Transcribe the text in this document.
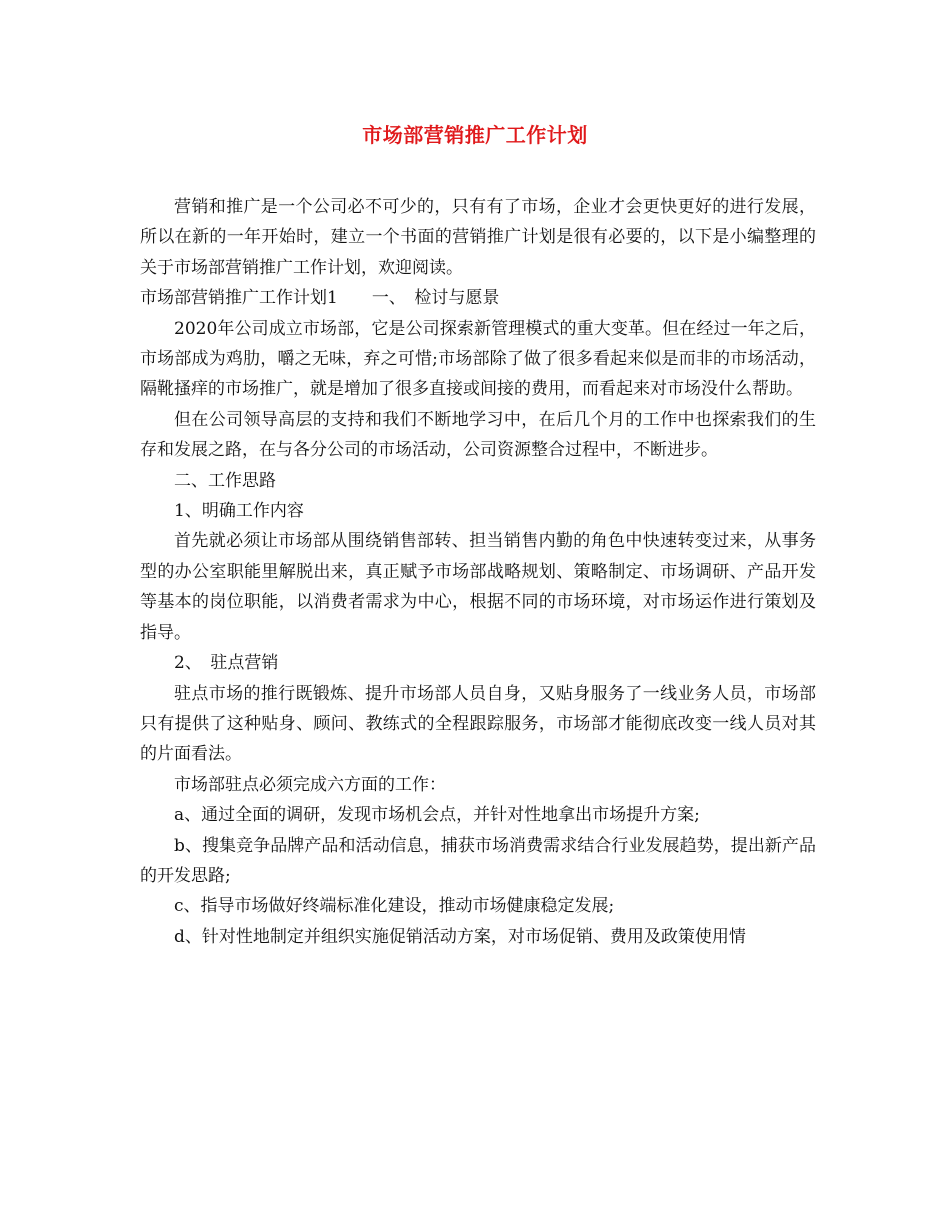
市场部营销推广工作计划

营销和推广是一个公司必不可少的，只有有了市场，企业才会更快更好的进行发展，所以在新的一年开始时，建立一个书面的营销推广计划是很有必要的，以下是小编整理的关于市场部营销推广工作计划，欢迎阅读。

市场部营销推广工作计划1　　一、　检讨与愿景

2020年公司成立市场部，它是公司探索新管理模式的重大变革。但在经过一年之后，市场部成为鸡肋，嚼之无味，弃之可惜;市场部除了做了很多看起来似是而非的市场活动，隔靴搔痒的市场推广，就是增加了很多直接或间接的费用，而看起来对市场没什么帮助。

但在公司领导高层的支持和我们不断地学习中，在后几个月的工作中也探索我们的生存和发展之路，在与各分公司的市场活动，公司资源整合过程中，不断进步。

二、工作思路

1、明确工作内容

首先就必须让市场部从围绕销售部转、担当销售内勤的角色中快速转变过来，从事务型的办公室职能里解脱出来，真正赋予市场部战略规划、策略制定、市场调研、产品开发等基本的岗位职能，以消费者需求为中心，根据不同的市场环境，对市场运作进行策划及指导。

2、　驻点营销

驻点市场的推行既锻炼、提升市场部人员自身，又贴身服务了一线业务人员，市场部只有提供了这种贴身、顾问、教练式的全程跟踪服务，市场部才能彻底改变一线人员对其的片面看法。

市场部驻点必须完成六方面的工作：

a、通过全面的调研，发现市场机会点，并针对性地拿出市场提升方案;

b、搜集竞争品牌产品和活动信息，捕获市场消费需求结合行业发展趋势，提出新产品的开发思路;

c、指导市场做好终端标准化建设，推动市场健康稳定发展;

d、针对性地制定并组织实施促销活动方案，对市场促销、费用及政策使用情
